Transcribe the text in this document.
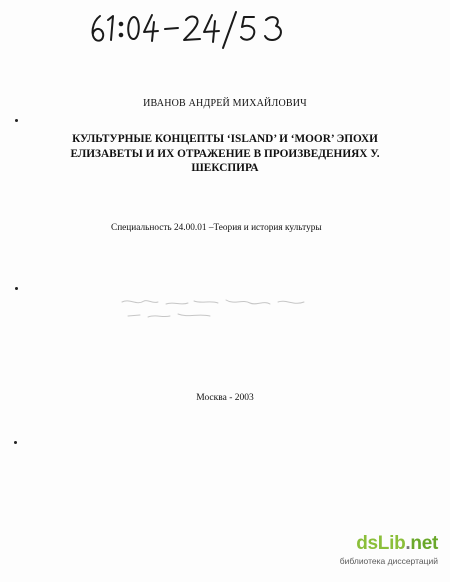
ИВАНОВ АНДРЕЙ МИХАЙЛОВИЧ
КУЛЬТУРНЫЕ КОНЦЕПТЫ ‘ISLAND’ И ‘MOOR’ ЭПОХИ
ЕЛИЗАВЕТЫ И ИХ ОТРАЖЕНИЕ В ПРОИЗВЕДЕНИЯХ У.
ШЕКСПИРА
Специальность 24.00.01 –Теория и история культуры
Москва - 2003
dsLib.net
библиотека диссертаций
